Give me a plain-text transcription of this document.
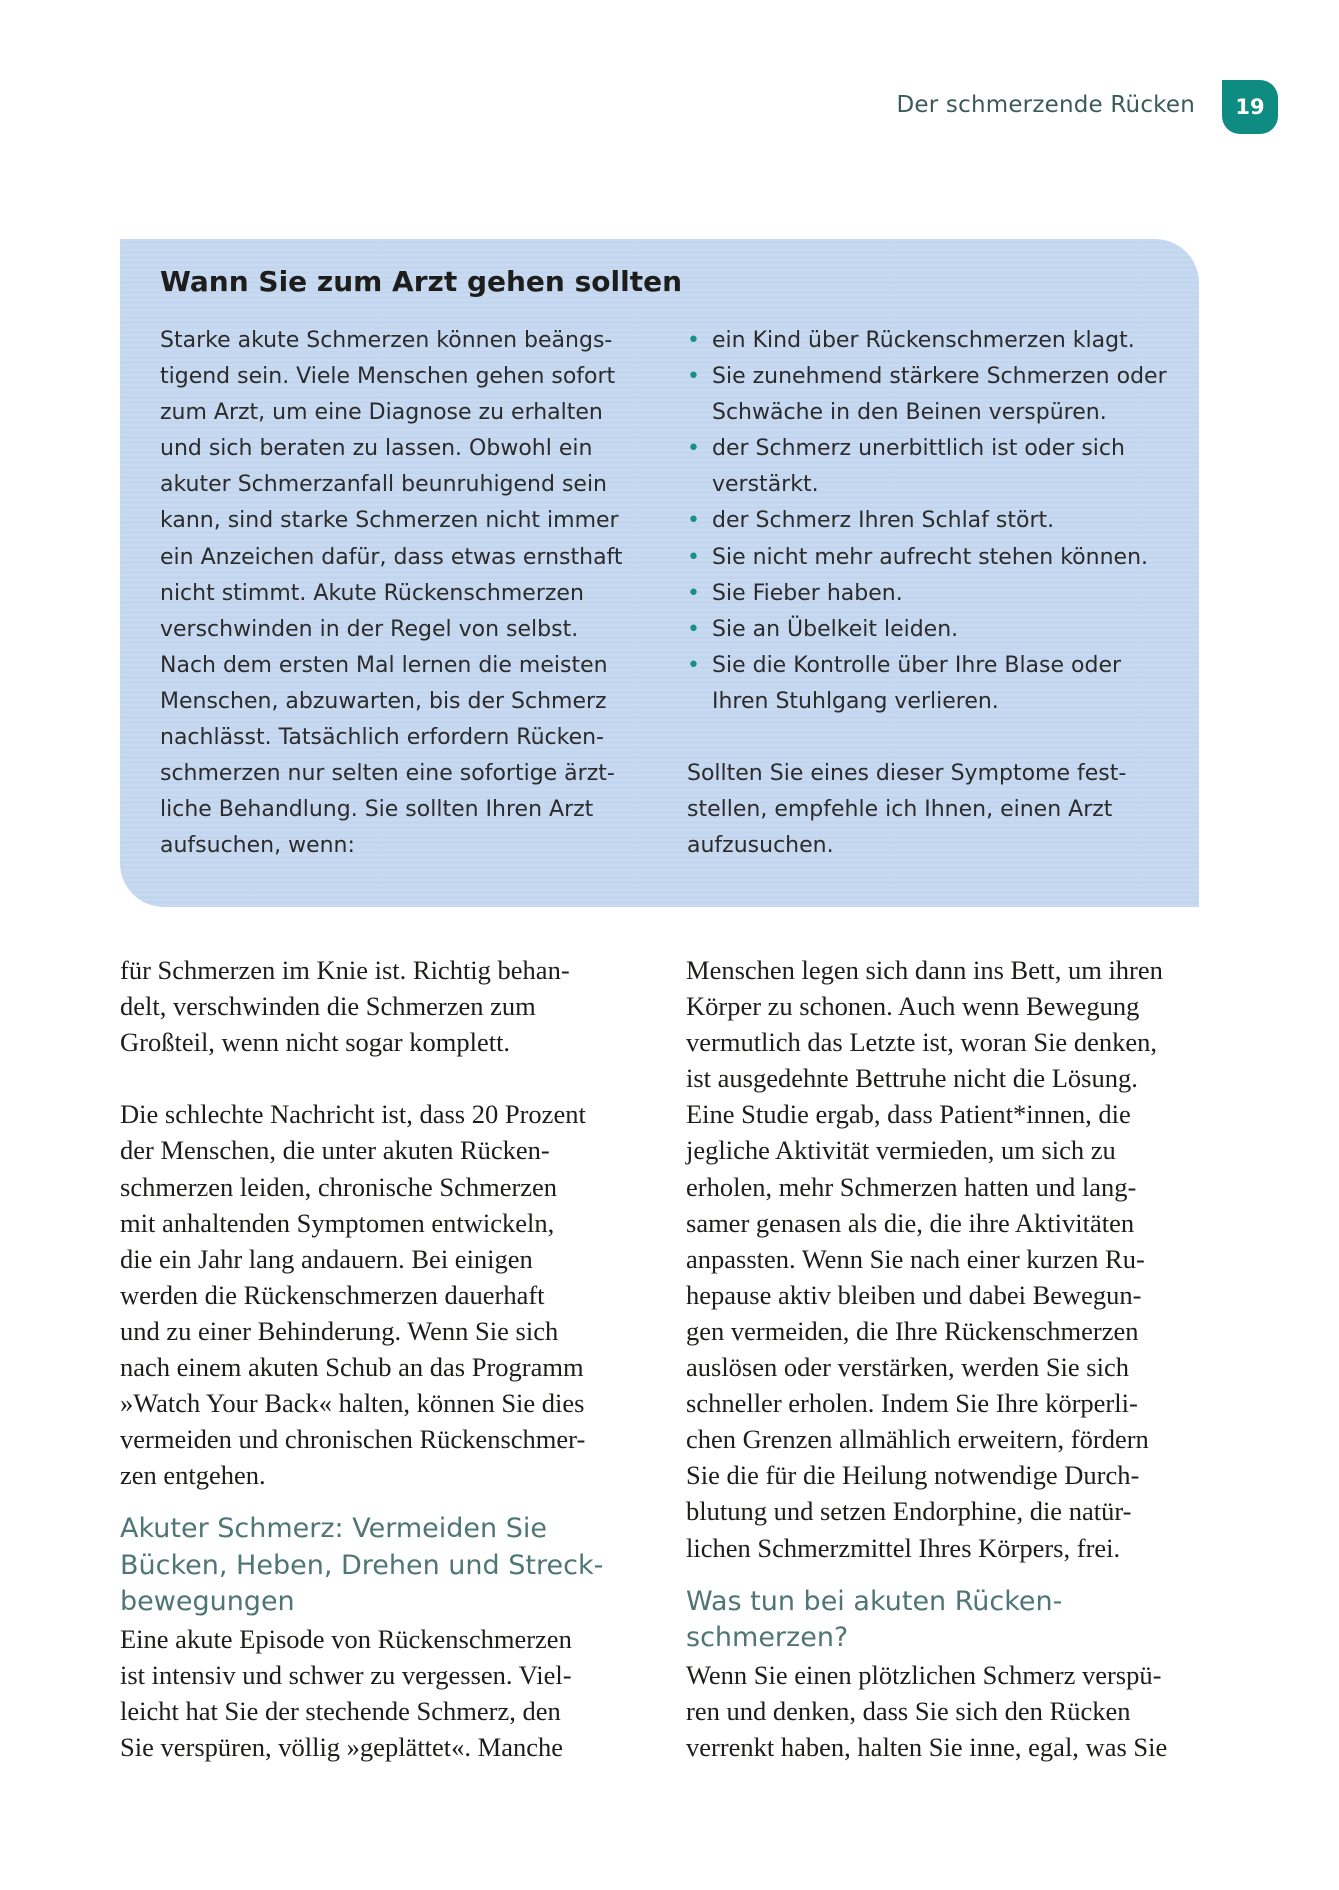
Der schmerzende Rücken	19
Wann Sie zum Arzt gehen sollten
Starke akute Schmerzen können beängs-
tigend sein. Viele Menschen gehen sofort
zum Arzt, um eine Diagnose zu erhalten
und sich beraten zu lassen. Obwohl ein
akuter Schmerzanfall beunruhigend sein
kann, sind starke Schmerzen nicht immer
ein Anzeichen dafür, dass etwas ernsthaft
nicht stimmt. Akute Rückenschmerzen
verschwinden in der Regel von selbst.
Nach dem ersten Mal lernen die meisten
Menschen, abzuwarten, bis der Schmerz
nachlässt. Tatsächlich erfordern Rücken-
schmerzen nur selten eine sofortige ärzt-
liche Behandlung. Sie sollten Ihren Arzt
aufsuchen, wenn:
• ein Kind über Rückenschmerzen klagt.
• Sie zunehmend stärkere Schmerzen oder
Schwäche in den Beinen verspüren.
• der Schmerz unerbittlich ist oder sich
verstärkt.
• der Schmerz Ihren Schlaf stört.
• Sie nicht mehr aufrecht stehen können.
• Sie Fieber haben.
• Sie an Übelkeit leiden.
• Sie die Kontrolle über Ihre Blase oder
Ihren Stuhlgang verlieren.
Sollten Sie eines dieser Symptome fest-
stellen, empfehle ich Ihnen, einen Arzt
aufzusuchen.

für Schmerzen im Knie ist. Richtig behan-
delt, verschwinden die Schmerzen zum
Großteil, wenn nicht sogar komplett.

Die schlechte Nachricht ist, dass 20 Prozent
der Menschen, die unter akuten Rücken-
schmerzen leiden, chronische Schmerzen
mit anhaltenden Symptomen entwickeln,
die ein Jahr lang andauern. Bei einigen
werden die Rückenschmerzen dauerhaft
und zu einer Behinderung. Wenn Sie sich
nach einem akuten Schub an das Programm
»Watch Your Back« halten, können Sie dies
vermeiden und chronischen Rückenschmer-
zen entgehen.

Akuter Schmerz: Vermeiden Sie
Bücken, Heben, Drehen und Streck-
bewegungen

Eine akute Episode von Rückenschmerzen
ist intensiv und schwer zu vergessen. Viel-
leicht hat Sie der stechende Schmerz, den
Sie verspüren, völlig »geplättet«. Manche

Menschen legen sich dann ins Bett, um ihren
Körper zu schonen. Auch wenn Bewegung
vermutlich das Letzte ist, woran Sie denken,
ist ausgedehnte Bettruhe nicht die Lösung.
Eine Studie ergab, dass Patient*innen, die
jegliche Aktivität vermieden, um sich zu
erholen, mehr Schmerzen hatten und lang-
samer genasen als die, die ihre Aktivitäten
anpassten. Wenn Sie nach einer kurzen Ru-
hepause aktiv bleiben und dabei Bewegun-
gen vermeiden, die Ihre Rückenschmerzen
auslösen oder verstärken, werden Sie sich
schneller erholen. Indem Sie Ihre körperli-
chen Grenzen allmählich erweitern, fördern
Sie die für die Heilung notwendige Durch-
blutung und setzen Endorphine, die natür-
lichen Schmerzmittel Ihres Körpers, frei.

Was tun bei akuten Rücken-
schmerzen?

Wenn Sie einen plötzlichen Schmerz verspü-
ren und denken, dass Sie sich den Rücken
verrenkt haben, halten Sie inne, egal, was Sie
